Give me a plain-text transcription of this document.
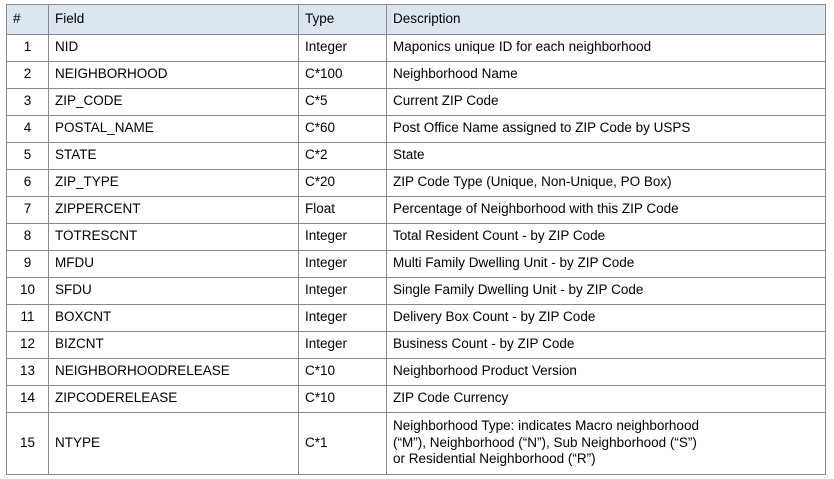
#	Field	Type	Description
1	NID	Integer	Maponics unique ID for each neighborhood
2	NEIGHBORHOOD	C*100	Neighborhood Name
3	ZIP_CODE	C*5	Current ZIP Code
4	POSTAL_NAME	C*60	Post Office Name assigned to ZIP Code by USPS
5	STATE	C*2	State
6	ZIP_TYPE	C*20	ZIP Code Type (Unique, Non-Unique, PO Box)
7	ZIPPERCENT	Float	Percentage of Neighborhood with this ZIP Code
8	TOTRESCNT	Integer	Total Resident Count - by ZIP Code
9	MFDU	Integer	Multi Family Dwelling Unit - by ZIP Code
10	SFDU	Integer	Single Family Dwelling Unit - by ZIP Code
11	BOXCNT	Integer	Delivery Box Count - by ZIP Code
12	BIZCNT	Integer	Business Count - by ZIP Code
13	NEIGHBORHOODRELEASE	C*10	Neighborhood Product Version
14	ZIPCODERELEASE	C*10	ZIP Code Currency
15	NTYPE	C*1	Neighborhood Type: indicates Macro neighborhood
(“M”), Neighborhood (“N”), Sub Neighborhood (“S”)
or Residential Neighborhood (“R”)
